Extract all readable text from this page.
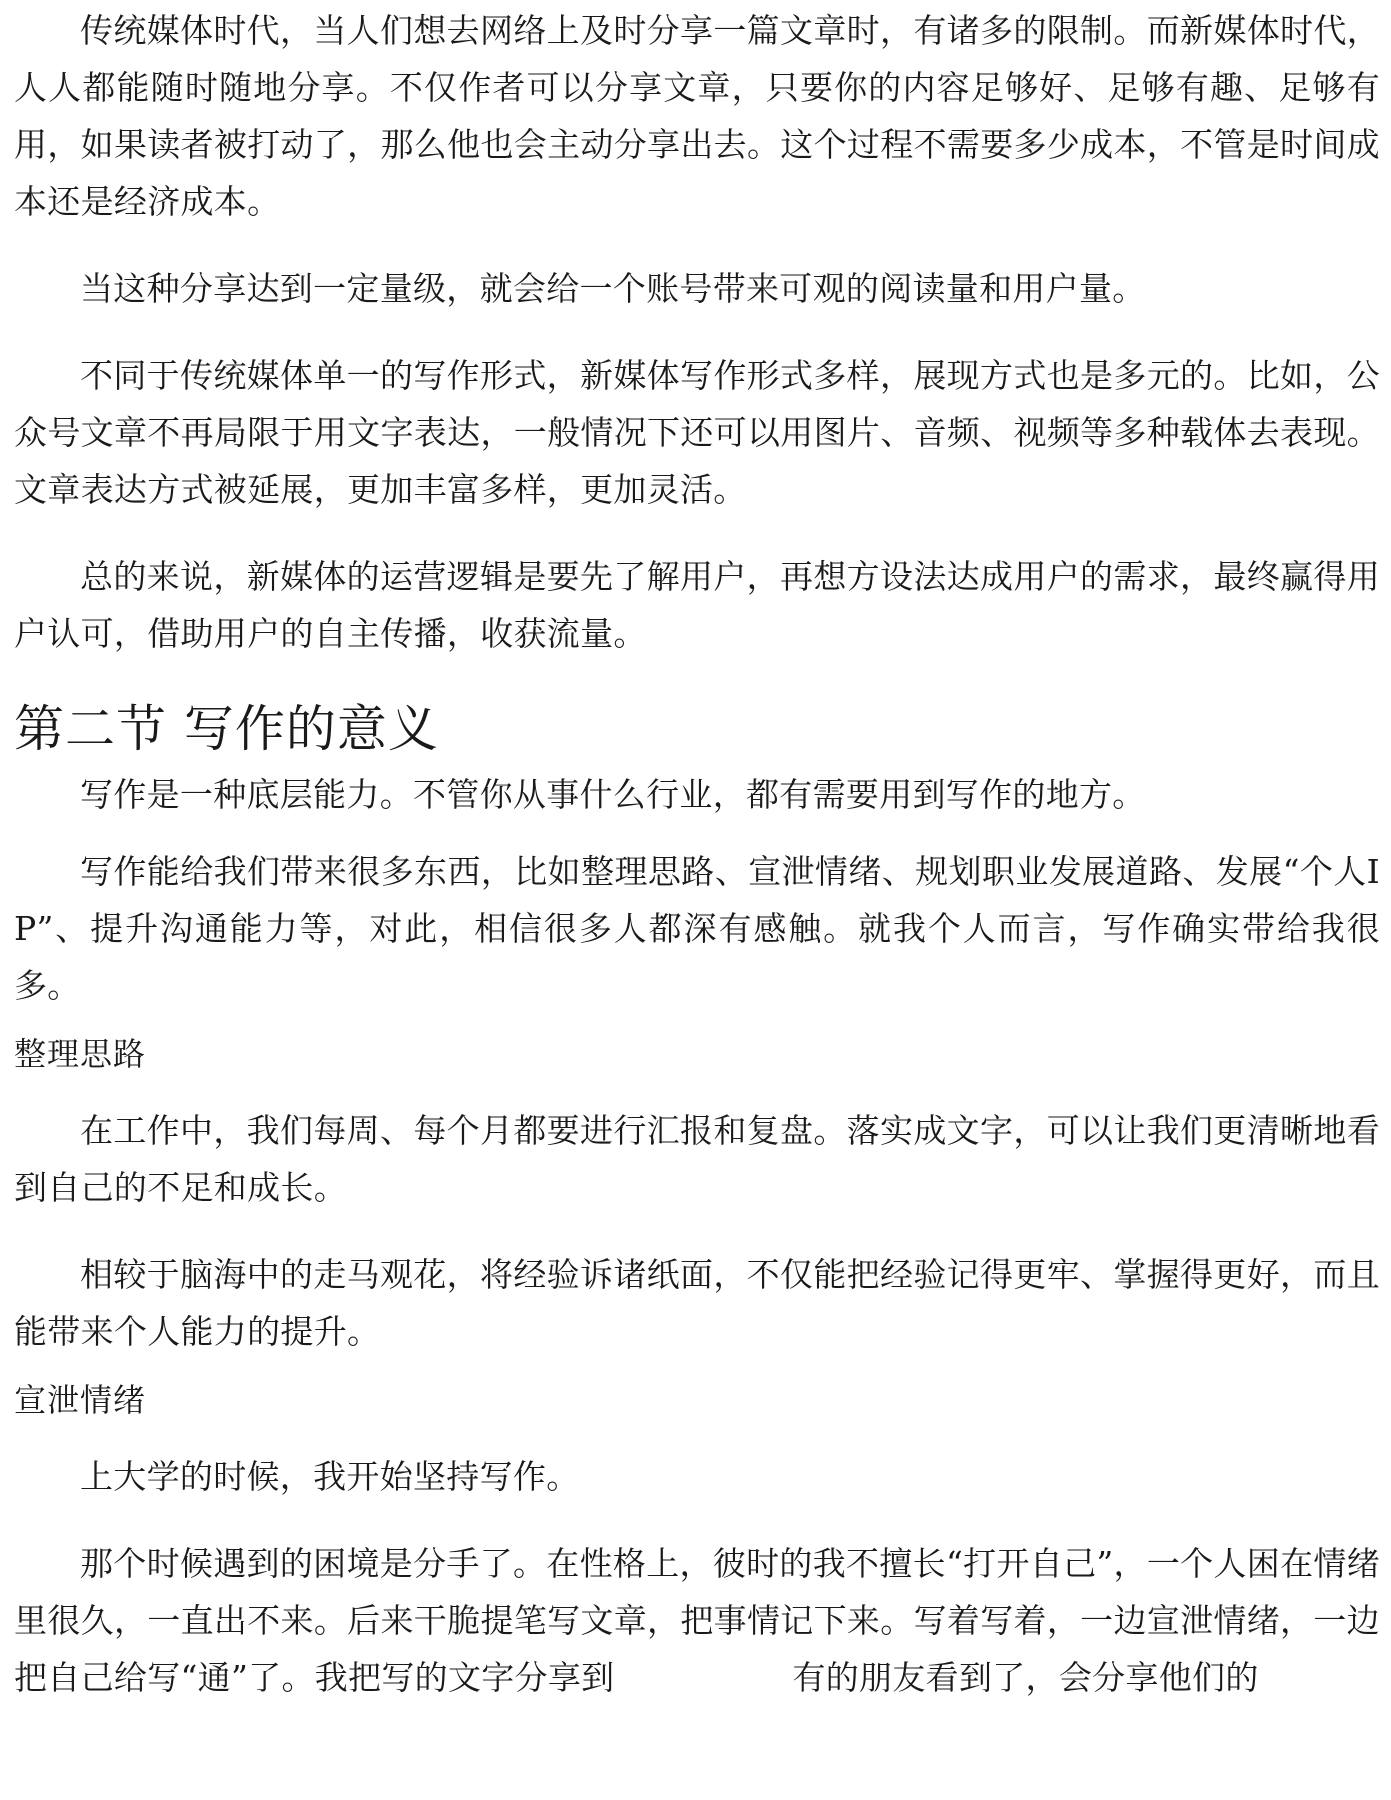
传统媒体时代，当人们想去网络上及时分享一篇文章时，有诸多的限制。而新媒体时代，人人都能随时随地分享。不仅作者可以分享文章，只要你的内容足够好、足够有趣、足够有用，如果读者被打动了，那么他也会主动分享出去。这个过程不需要多少成本，不管是时间成本还是经济成本。

当这种分享达到一定量级，就会给一个账号带来可观的阅读量和用户量。

不同于传统媒体单一的写作形式，新媒体写作形式多样，展现方式也是多元的。比如，公众号文章不再局限于用文字表达，一般情况下还可以用图片、音频、视频等多种载体去表现。文章表达方式被延展，更加丰富多样，更加灵活。

总的来说，新媒体的运营逻辑是要先了解用户，再想方设法达成用户的需求，最终赢得用户认可，借助用户的自主传播，收获流量。

第二节 写作的意义

写作是一种底层能力。不管你从事什么行业，都有需要用到写作的地方。

写作能给我们带来很多东西，比如整理思路、宣泄情绪、规划职业发展道路、发展“个人IP”、提升沟通能力等，对此，相信很多人都深有感触。就我个人而言，写作确实带给我很多。

整理思路

在工作中，我们每周、每个月都要进行汇报和复盘。落实成文字，可以让我们更清晰地看到自己的不足和成长。

相较于脑海中的走马观花，将经验诉诸纸面，不仅能把经验记得更牢、掌握得更好，而且能带来个人能力的提升。

宣泄情绪

上大学的时候，我开始坚持写作。

那个时候遇到的困境是分手了。在性格上，彼时的我不擅长“打开自己”，一个人困在情绪里很久，一直出不来。后来干脆提笔写文章，把事情记下来。写着写着，一边宣泄情绪，一边把自己给写“通”了。我把写的文字分享到	有的朋友看到了，会分享他们的
